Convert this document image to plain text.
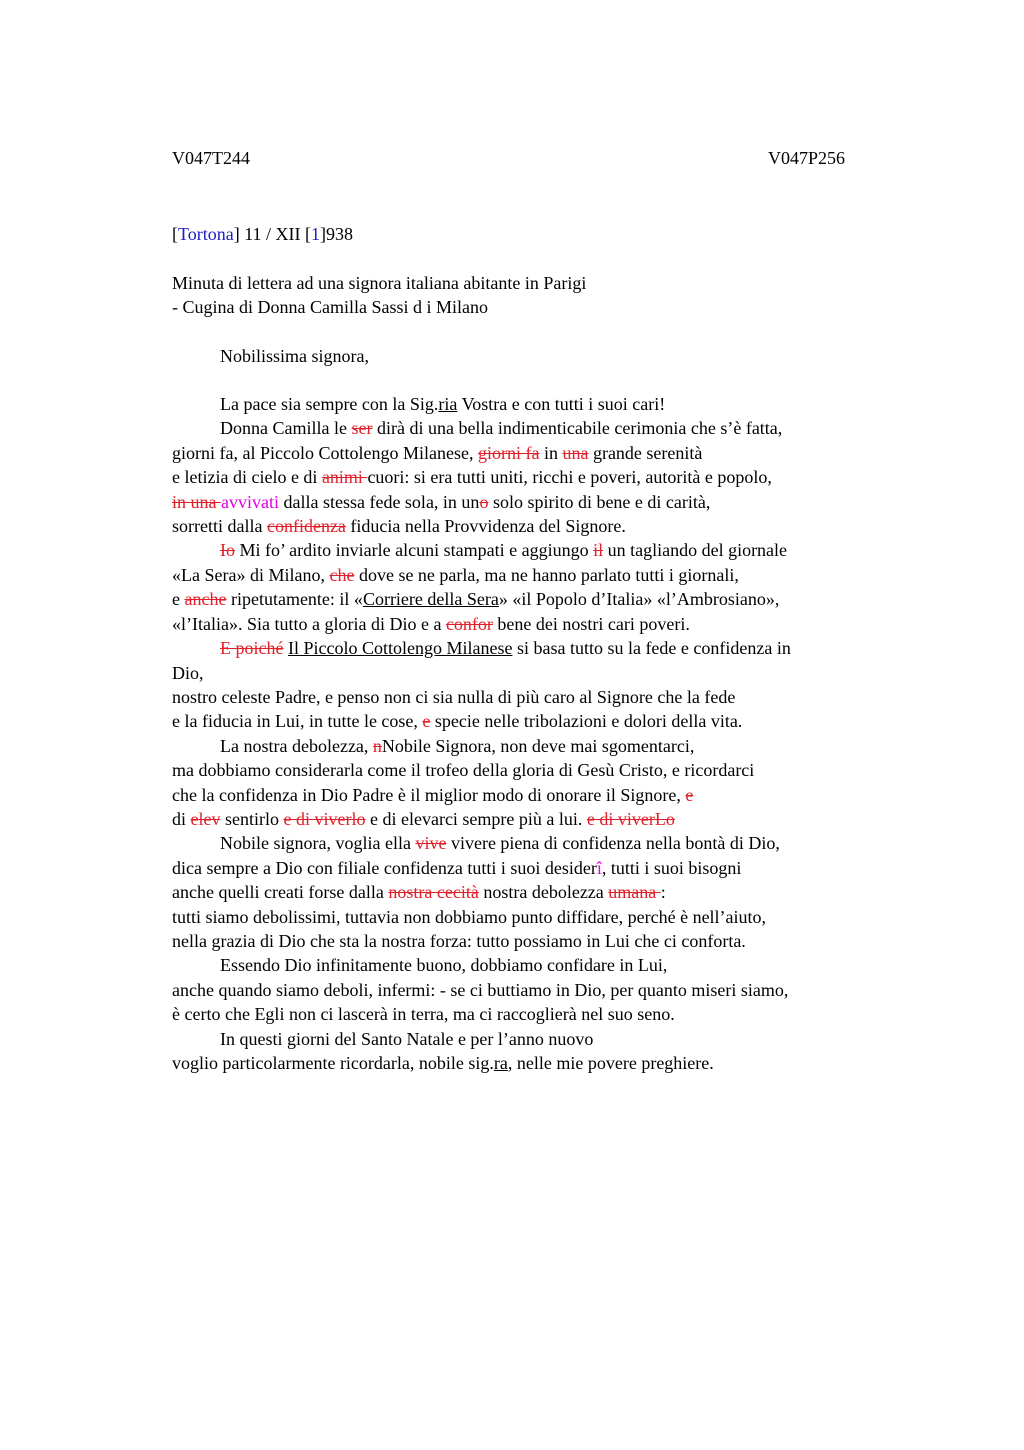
V047T244	V047P256
[Tortona] 11 / XII [1]938
Minuta di lettera ad una signora italiana abitante in Parigi
- Cugina di Donna Camilla Sassi d i Milano
Nobilissima signora,
La pace sia sempre con la Sig.ria Vostra e con tutti i suoi cari!
Donna Camilla le ser dirà di una bella indimenticabile cerimonia che s’è fatta,
giorni fa, al Piccolo Cottolengo Milanese, giorni fa in una grande serenità
e letizia di cielo e di animi cuori: si era tutti uniti, ricchi e poveri, autorità e popolo,
in una avvivati dalla stessa fede sola, in uno solo spirito di bene e di carità,
sorretti dalla confidenza fiducia nella Provvidenza del Signore.
Io Mi fo’ ardito inviarle alcuni stampati e aggiungo il un tagliando del giornale
«La Sera» di Milano, che dove se ne parla, ma ne hanno parlato tutti i giornali,
e anche ripetutamente: il «Corriere della Sera» «il Popolo d’Italia» «l’Ambrosiano»,
«l’Italia». Sia tutto a gloria di Dio e a confor bene dei nostri cari poveri.
E poiché Il Piccolo Cottolengo Milanese si basa tutto su la fede e confidenza in
Dio,
nostro celeste Padre, e penso non ci sia nulla di più caro al Signore che la fede
e la fiducia in Lui, in tutte le cose, e specie nelle tribolazioni e dolori della vita.
La nostra debolezza, nNobile Signora, non deve mai sgomentarci,
ma dobbiamo considerarla come il trofeo della gloria di Gesù Cristo, e ricordarci
che la confidenza in Dio Padre è il miglior modo di onorare il Signore, e
di elev sentirlo e di viverlo e di elevarci sempre più a lui. e di viverLo
Nobile signora, voglia ella vive vivere piena di confidenza nella bontà di Dio,
dica sempre a Dio con filiale confidenza tutti i suoi desiderî, tutti i suoi bisogni
anche quelli creati forse dalla nostra cecità nostra debolezza umana :
tutti siamo debolissimi, tuttavia non dobbiamo punto diffidare, perché è nell’aiuto,
nella grazia di Dio che sta la nostra forza: tutto possiamo in Lui che ci conforta.
Essendo Dio infinitamente buono, dobbiamo confidare in Lui,
anche quando siamo deboli, infermi: - se ci buttiamo in Dio, per quanto miseri siamo,
è certo che Egli non ci lascerà in terra, ma ci raccoglierà nel suo seno.
In questi giorni del Santo Natale e per l’anno nuovo
voglio particolarmente ricordarla, nobile sig.ra, nelle mie povere preghiere.
